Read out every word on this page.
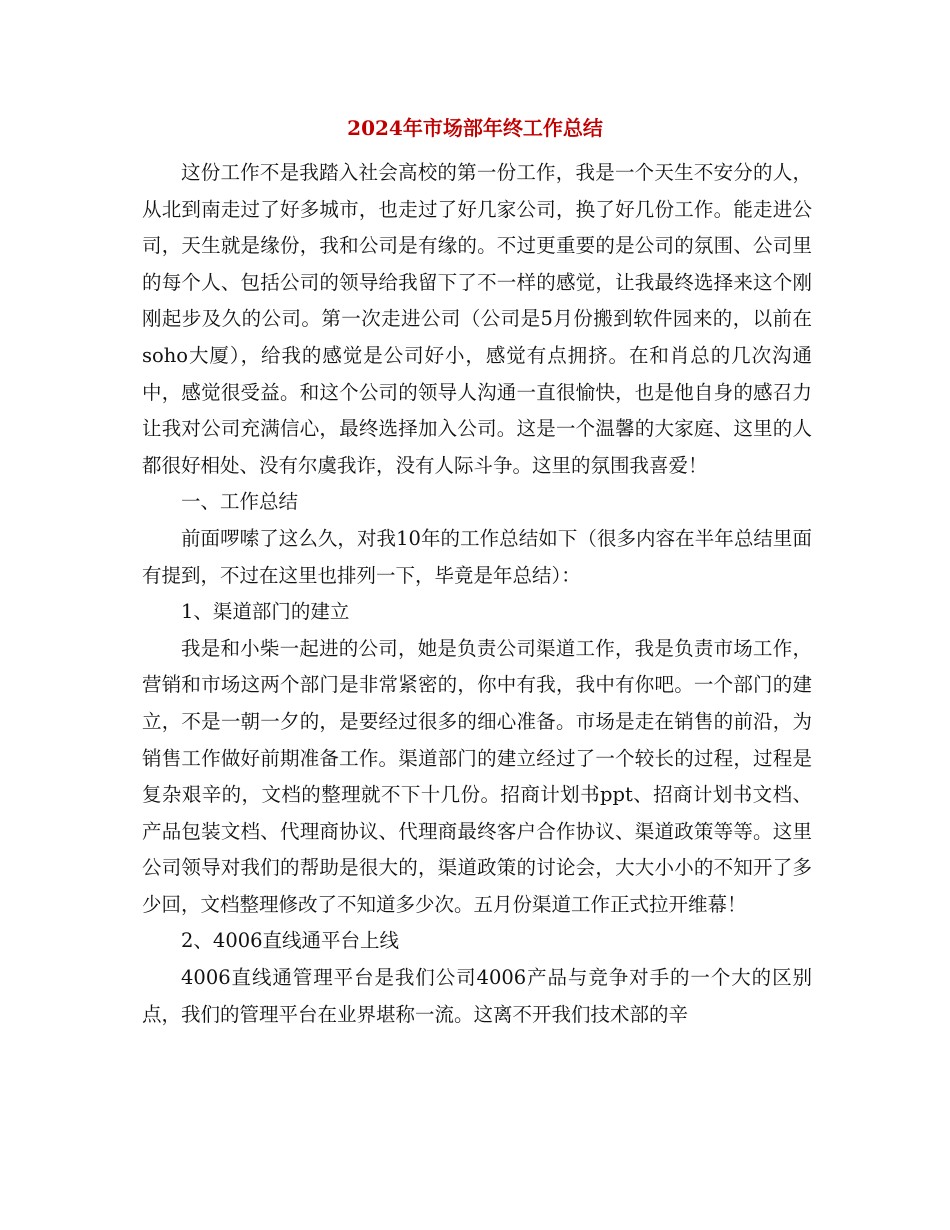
2024年市场部年终工作总结

这份工作不是我踏入社会高校的第一份工作，我是一个天生不安分的人，从北到南走过了好多城市，也走过了好几家公司，换了好几份工作。能走进公司，天生就是缘份，我和公司是有缘的。不过更重要的是公司的氛围、公司里的每个人、包括公司的领导给我留下了不一样的感觉，让我最终选择来这个刚刚起步及久的公司。第一次走进公司（公司是5月份搬到软件园来的，以前在soho大厦），给我的感觉是公司好小，感觉有点拥挤。在和肖总的几次沟通中，感觉很受益。和这个公司的领导人沟通一直很愉快，也是他自身的感召力让我对公司充满信心，最终选择加入公司。这是一个温馨的大家庭、这里的人都很好相处、没有尔虞我诈，没有人际斗争。这里的氛围我喜爱！

一、工作总结

前面啰嗦了这么久，对我10年的工作总结如下（很多内容在半年总结里面有提到，不过在这里也排列一下，毕竟是年总结）：

1、渠道部门的建立

我是和小柴一起进的公司，她是负责公司渠道工作，我是负责市场工作，营销和市场这两个部门是非常紧密的，你中有我，我中有你吧。一个部门的建立，不是一朝一夕的，是要经过很多的细心准备。市场是走在销售的前沿，为销售工作做好前期准备工作。渠道部门的建立经过了一个较长的过程，过程是复杂艰辛的，文档的整理就不下十几份。招商计划书ppt、招商计划书文档、产品包装文档、代理商协议、代理商最终客户合作协议、渠道政策等等。这里公司领导对我们的帮助是很大的，渠道政策的讨论会，大大小小的不知开了多少回，文档整理修改了不知道多少次。五月份渠道工作正式拉开维幕！

2、4006直线通平台上线

4006直线通管理平台是我们公司4006产品与竞争对手的一个大的区别点，我们的管理平台在业界堪称一流。这离不开我们技术部的辛
